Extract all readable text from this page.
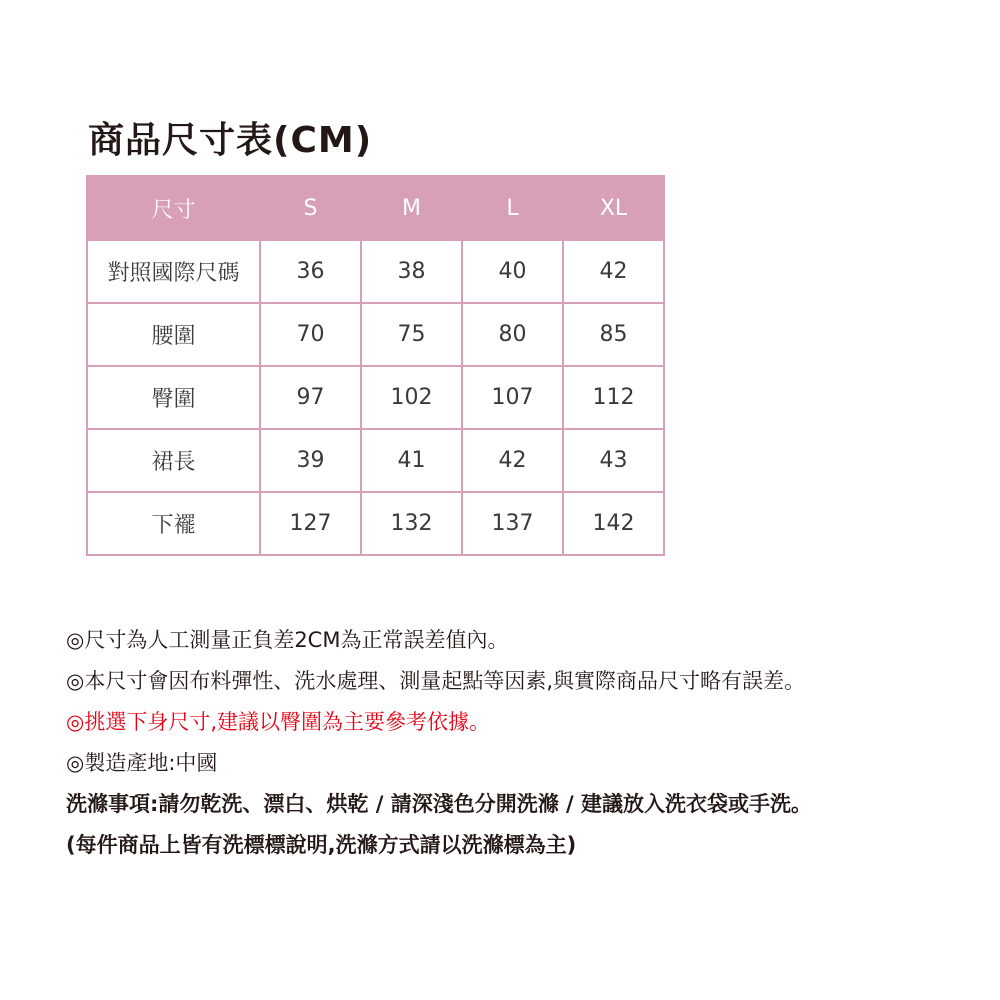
商品尺寸表(CM)
尺寸	S	M	L	XL
對照國際尺碼	36	38	40	42
腰圍	70	75	80	85
臀圍	97	102	107	112
裙長	39	41	42	43
下襬	127	132	137	142
◎尺寸為人工測量正負差2CM為正常誤差值內。
◎本尺寸會因布料彈性、洗水處理、測量起點等因素,與實際商品尺寸略有誤差。
◎挑選下身尺寸,建議以臀圍為主要參考依據。
◎製造產地:中國
洗滌事項:請勿乾洗、漂白、烘乾 / 請深淺色分開洗滌 / 建議放入洗衣袋或手洗。
(每件商品上皆有洗標標說明,洗滌方式請以洗滌標為主)
